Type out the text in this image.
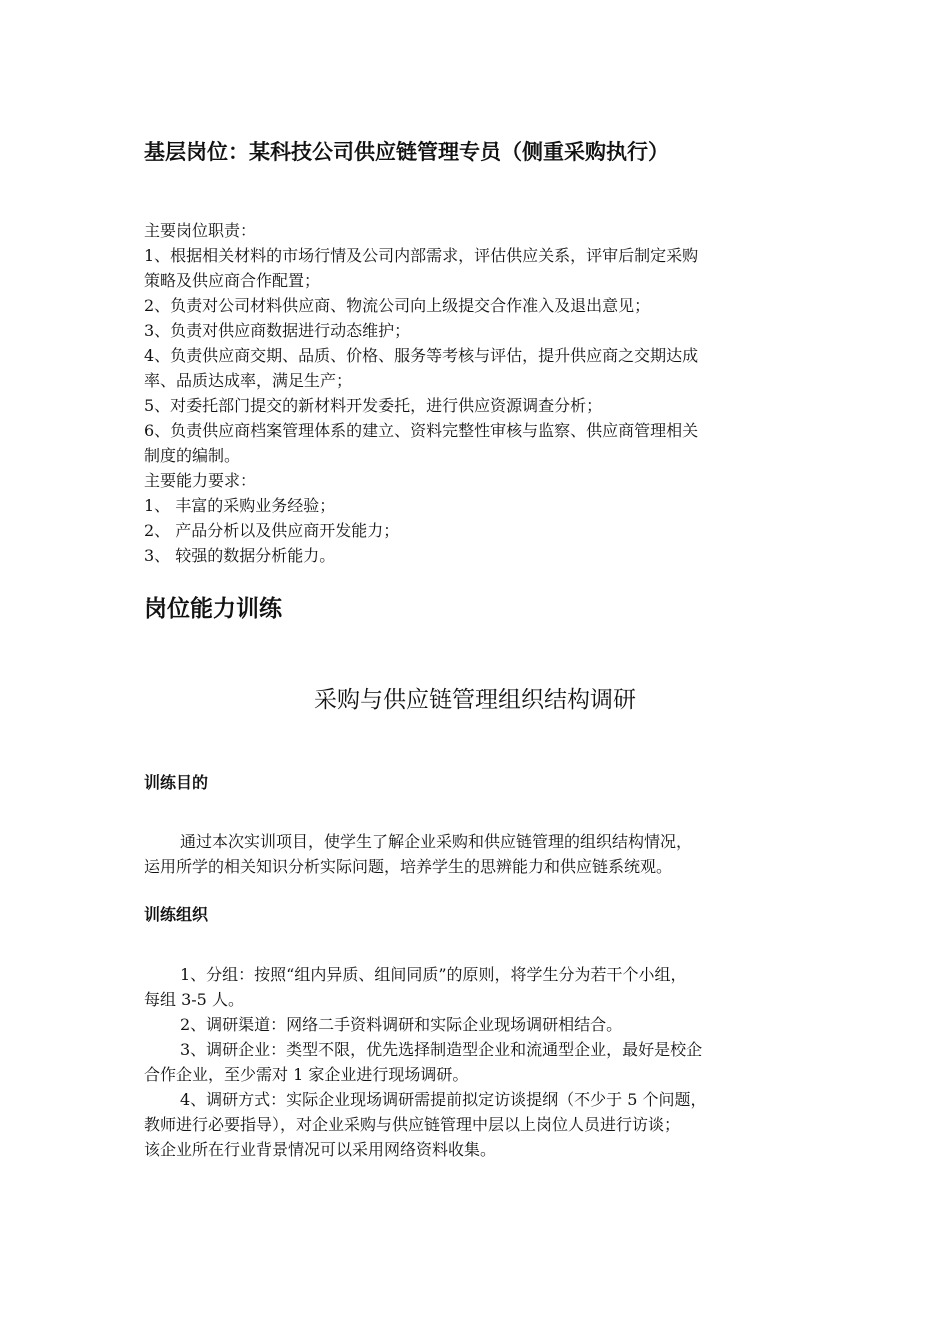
基层岗位：某科技公司供应链管理专员（侧重采购执行）
主要岗位职责：
1、根据相关材料的市场行情及公司内部需求，评估供应关系，评审后制定采购
策略及供应商合作配置；
2、负责对公司材料供应商、物流公司向上级提交合作准入及退出意见；
3、负责对供应商数据进行动态维护；
4、负责供应商交期、品质、价格、服务等考核与评估，提升供应商之交期达成
率、品质达成率，满足生产；
5、对委托部门提交的新材料开发委托，进行供应资源调查分析；
6、负责供应商档案管理体系的建立、资料完整性审核与监察、供应商管理相关
制度的编制。
主要能力要求：
1、 丰富的采购业务经验；
2、 产品分析以及供应商开发能力；
3、 较强的数据分析能力。
岗位能力训练
采购与供应链管理组织结构调研
训练目的
通过本次实训项目，使学生了解企业采购和供应链管理的组织结构情况，
运用所学的相关知识分析实际问题，培养学生的思辨能力和供应链系统观。
训练组织
1、分组：按照“组内异质、组间同质”的原则，将学生分为若干个小组，
每组 3-5 人。
2、调研渠道：网络二手资料调研和实际企业现场调研相结合。
3、调研企业：类型不限，优先选择制造型企业和流通型企业，最好是校企
合作企业，至少需对 1 家企业进行现场调研。
4、调研方式：实际企业现场调研需提前拟定访谈提纲（不少于 5 个问题，
教师进行必要指导），对企业采购与供应链管理中层以上岗位人员进行访谈；
该企业所在行业背景情况可以采用网络资料收集。
